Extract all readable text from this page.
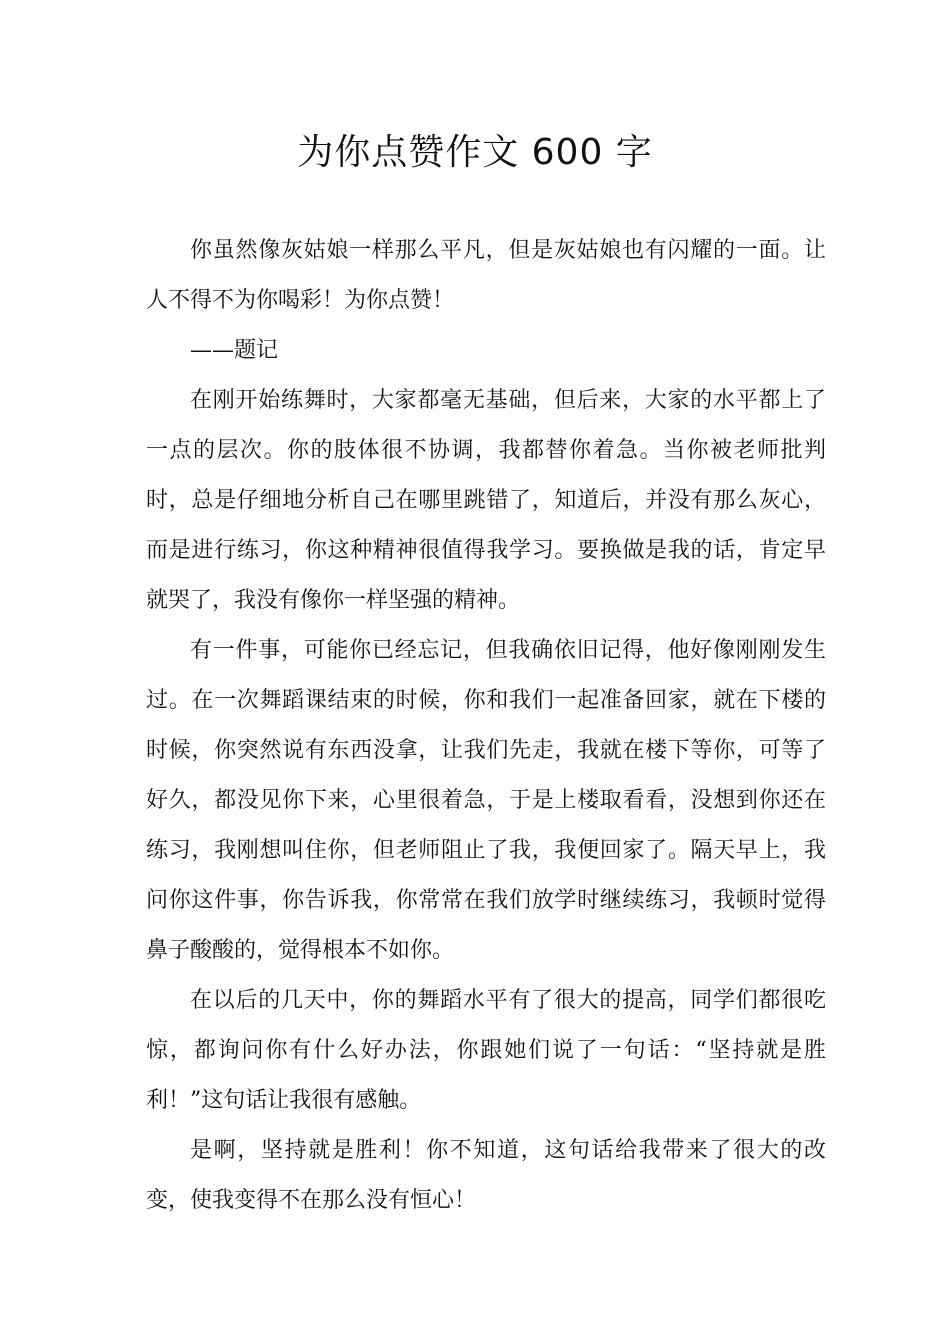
为你点赞作文 600 字

你虽然像灰姑娘一样那么平凡，但是灰姑娘也有闪耀的一面。让人不得不为你喝彩！为你点赞！

——题记

在刚开始练舞时，大家都毫无基础，但后来，大家的水平都上了一点的层次。你的肢体很不协调，我都替你着急。当你被老师批判时，总是仔细地分析自己在哪里跳错了，知道后，并没有那么灰心，而是进行练习，你这种精神很值得我学习。要换做是我的话，肯定早就哭了，我没有像你一样坚强的精神。

有一件事，可能你已经忘记，但我确依旧记得，他好像刚刚发生过。在一次舞蹈课结束的时候，你和我们一起准备回家，就在下楼的时候，你突然说有东西没拿，让我们先走，我就在楼下等你，可等了好久，都没见你下来，心里很着急，于是上楼取看看，没想到你还在练习，我刚想叫住你，但老师阻止了我，我便回家了。隔天早上，我问你这件事，你告诉我，你常常在我们放学时继续练习，我顿时觉得鼻子酸酸的，觉得根本不如你。

在以后的几天中，你的舞蹈水平有了很大的提高，同学们都很吃惊，都询问你有什么好办法，你跟她们说了一句话：“坚持就是胜利！”这句话让我很有感触。

是啊，坚持就是胜利！你不知道，这句话给我带来了很大的改变，使我变得不在那么没有恒心！
